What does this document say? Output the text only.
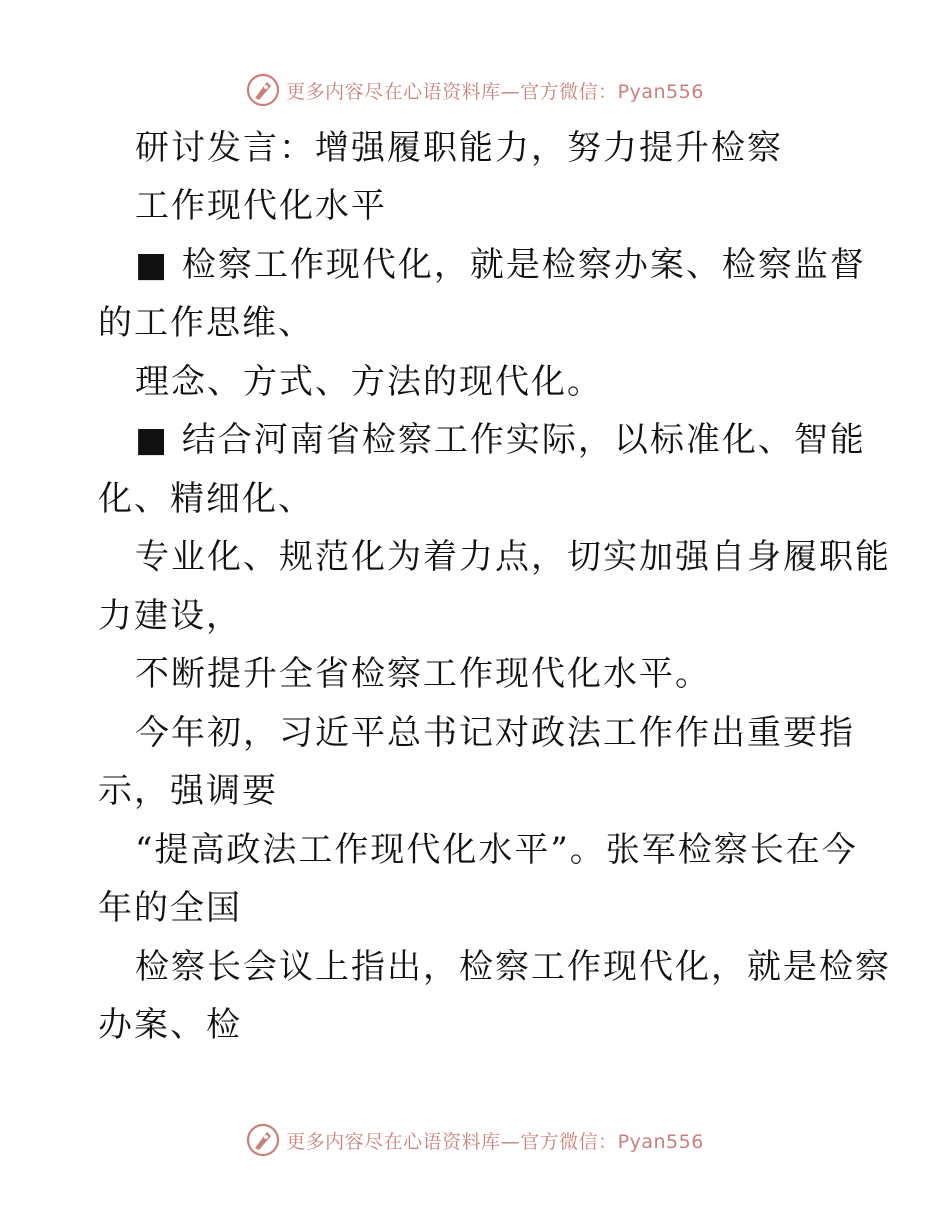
更多内容尽在心语资料库—官方微信：Pyan556
研讨发言：增强履职能力，努力提升检察
工作现代化水平
■ 检察工作现代化，就是检察办案、检察监督
的工作思维、
理念、方式、方法的现代化。
■ 结合河南省检察工作实际，以标准化、智能
化、精细化、
专业化、规范化为着力点，切实加强自身履职能
力建设，
不断提升全省检察工作现代化水平。
今年初，习近平总书记对政法工作作出重要指
示，强调要
“提高政法工作现代化水平”。张军检察长在今
年的全国
检察长会议上指出，检察工作现代化，就是检察
办案、检
更多内容尽在心语资料库—官方微信：Pyan556
